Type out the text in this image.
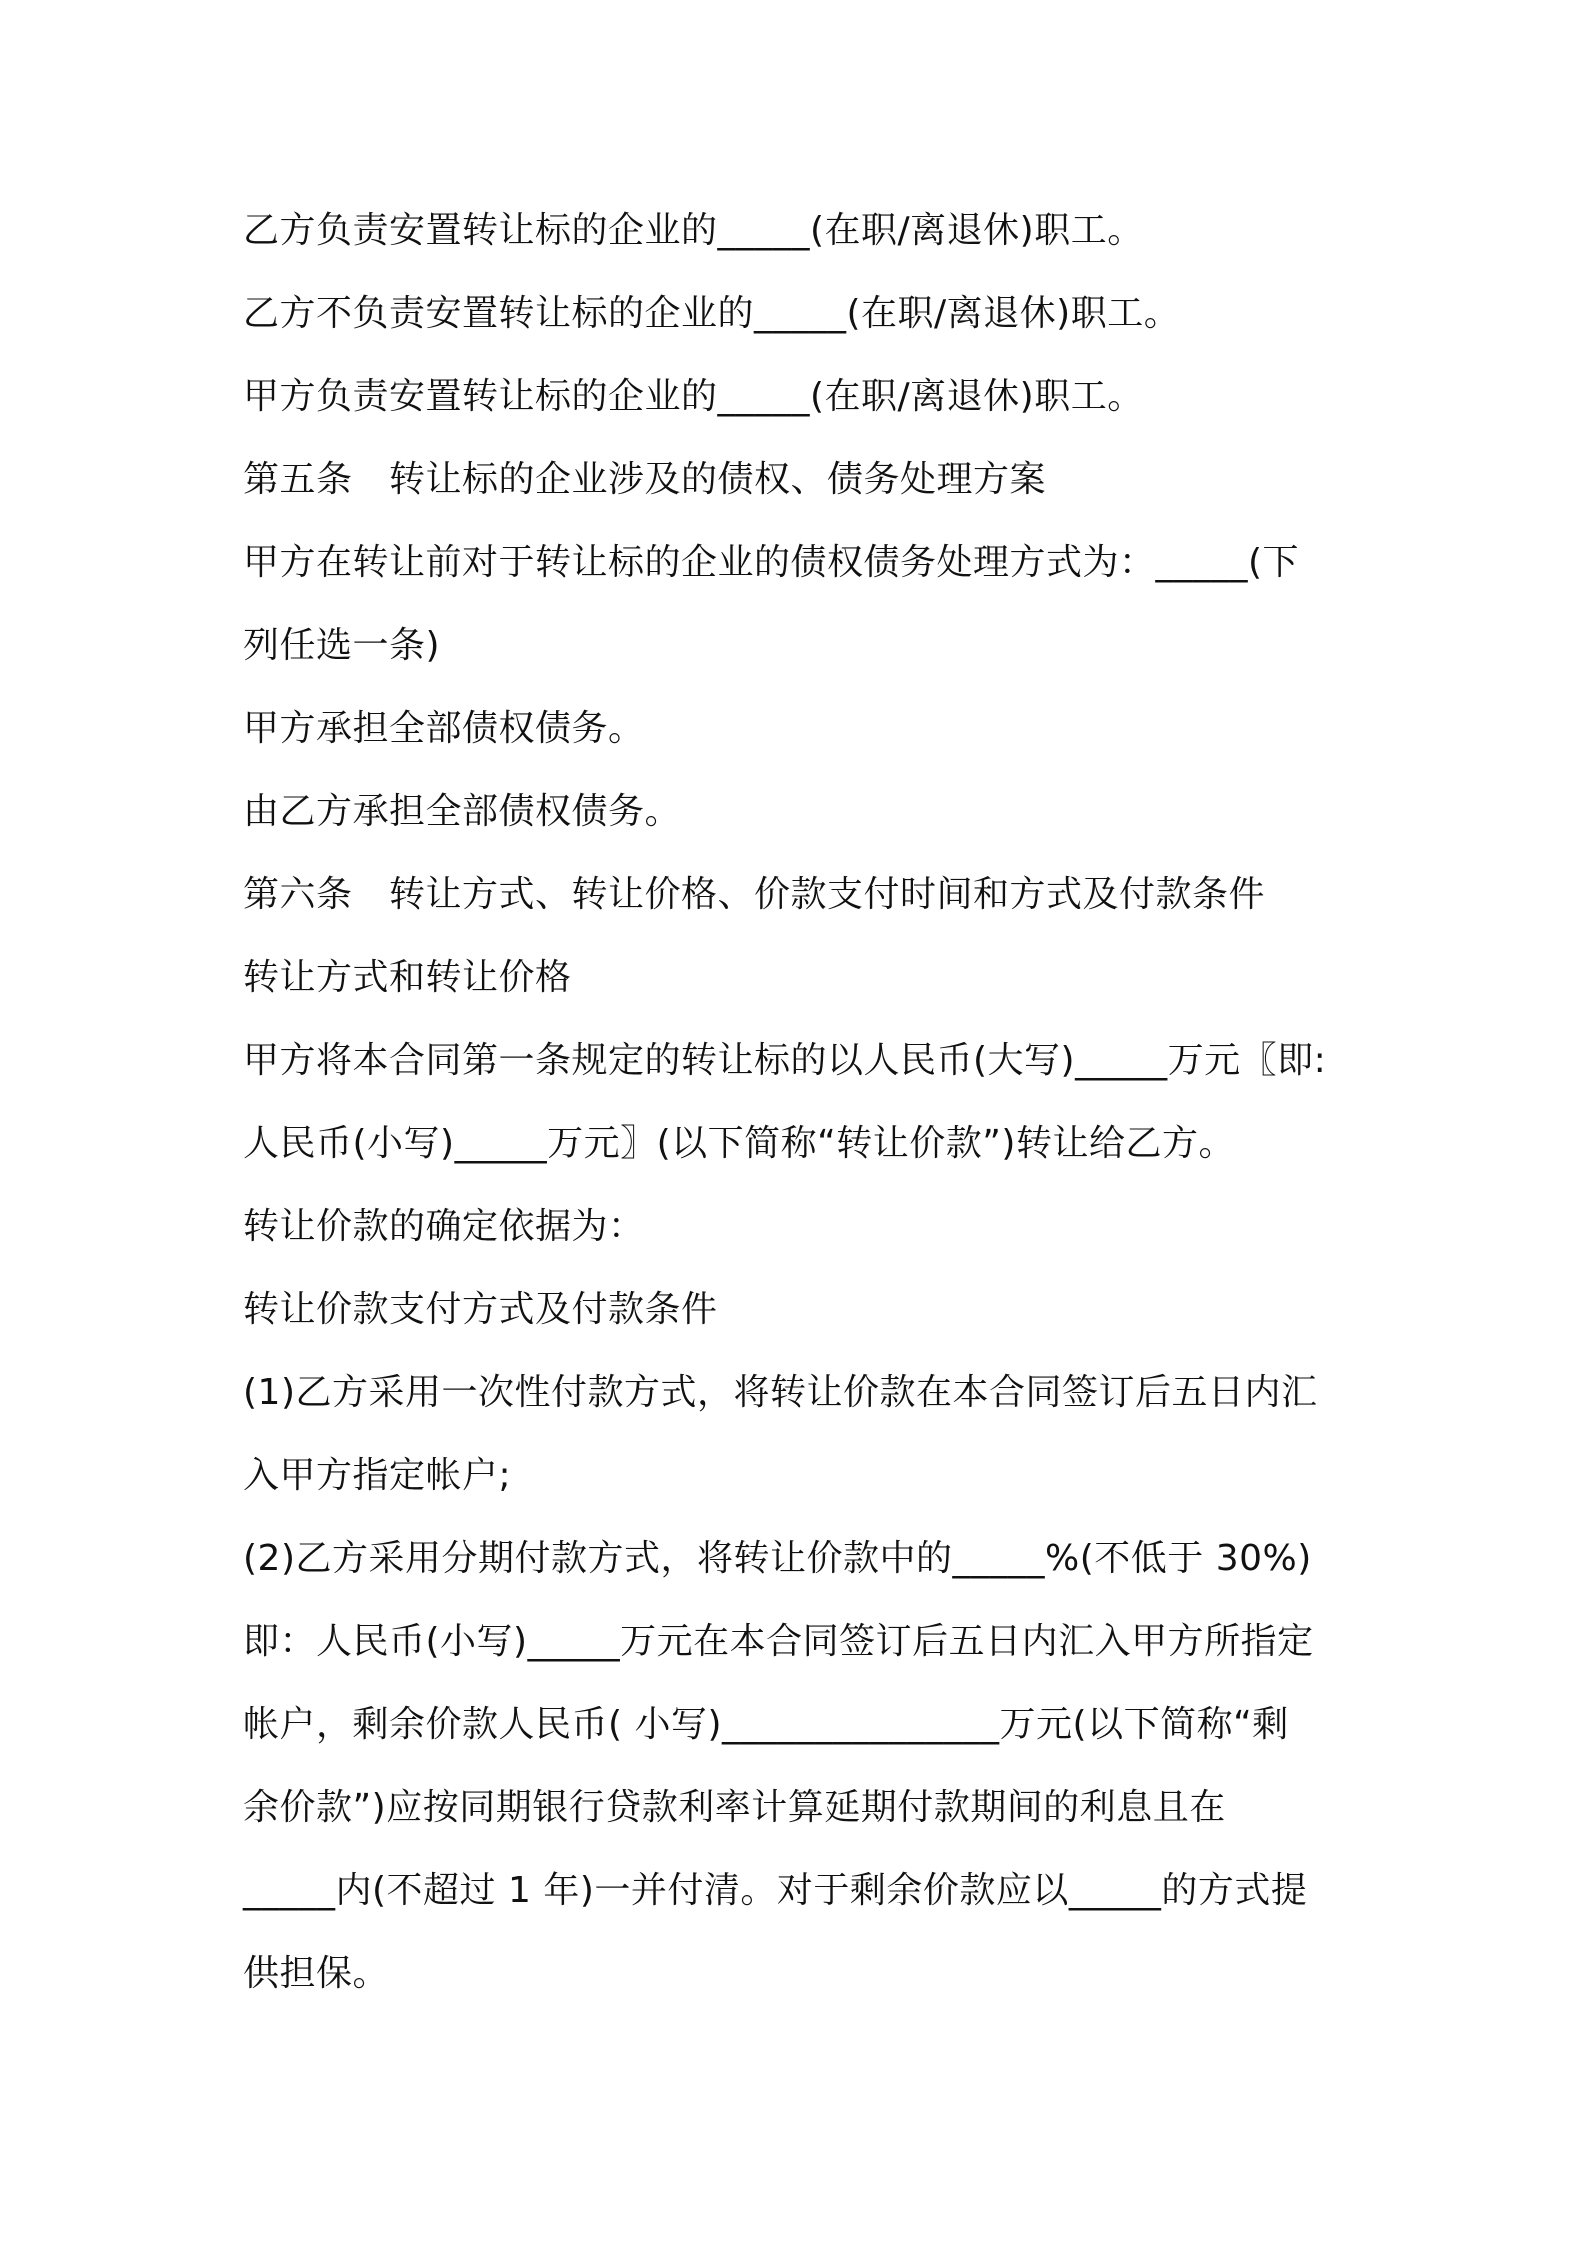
乙方负责安置转让标的企业的_____(在职/离退休)职工。
乙方不负责安置转让标的企业的_____(在职/离退休)职工。
甲方负责安置转让标的企业的_____(在职/离退休)职工。
第五条　转让标的企业涉及的债权、债务处理方案
甲方在转让前对于转让标的企业的债权债务处理方式为：_____(下
列任选一条)
甲方承担全部债权债务。
由乙方承担全部债权债务。
第六条　转让方式、转让价格、价款支付时间和方式及付款条件
转让方式和转让价格
甲方将本合同第一条规定的转让标的以人民币(大写)_____万元〖即:
人民币(小写)_____万元〗(以下简称“转让价款”)转让给乙方。
转让价款的确定依据为：
转让价款支付方式及付款条件
(1)乙方采用一次性付款方式，将转让价款在本合同签订后五日内汇
入甲方指定帐户;
(2)乙方采用分期付款方式，将转让价款中的_____%(不低于 30%)
即：人民币(小写)_____万元在本合同签订后五日内汇入甲方所指定
帐户，剩余价款人民币( 小写)_______________万元(以下简称“剩
余价款”)应按同期银行贷款利率计算延期付款期间的利息且在
_____内(不超过 1 年)一并付清。对于剩余价款应以_____的方式提
供担保。
